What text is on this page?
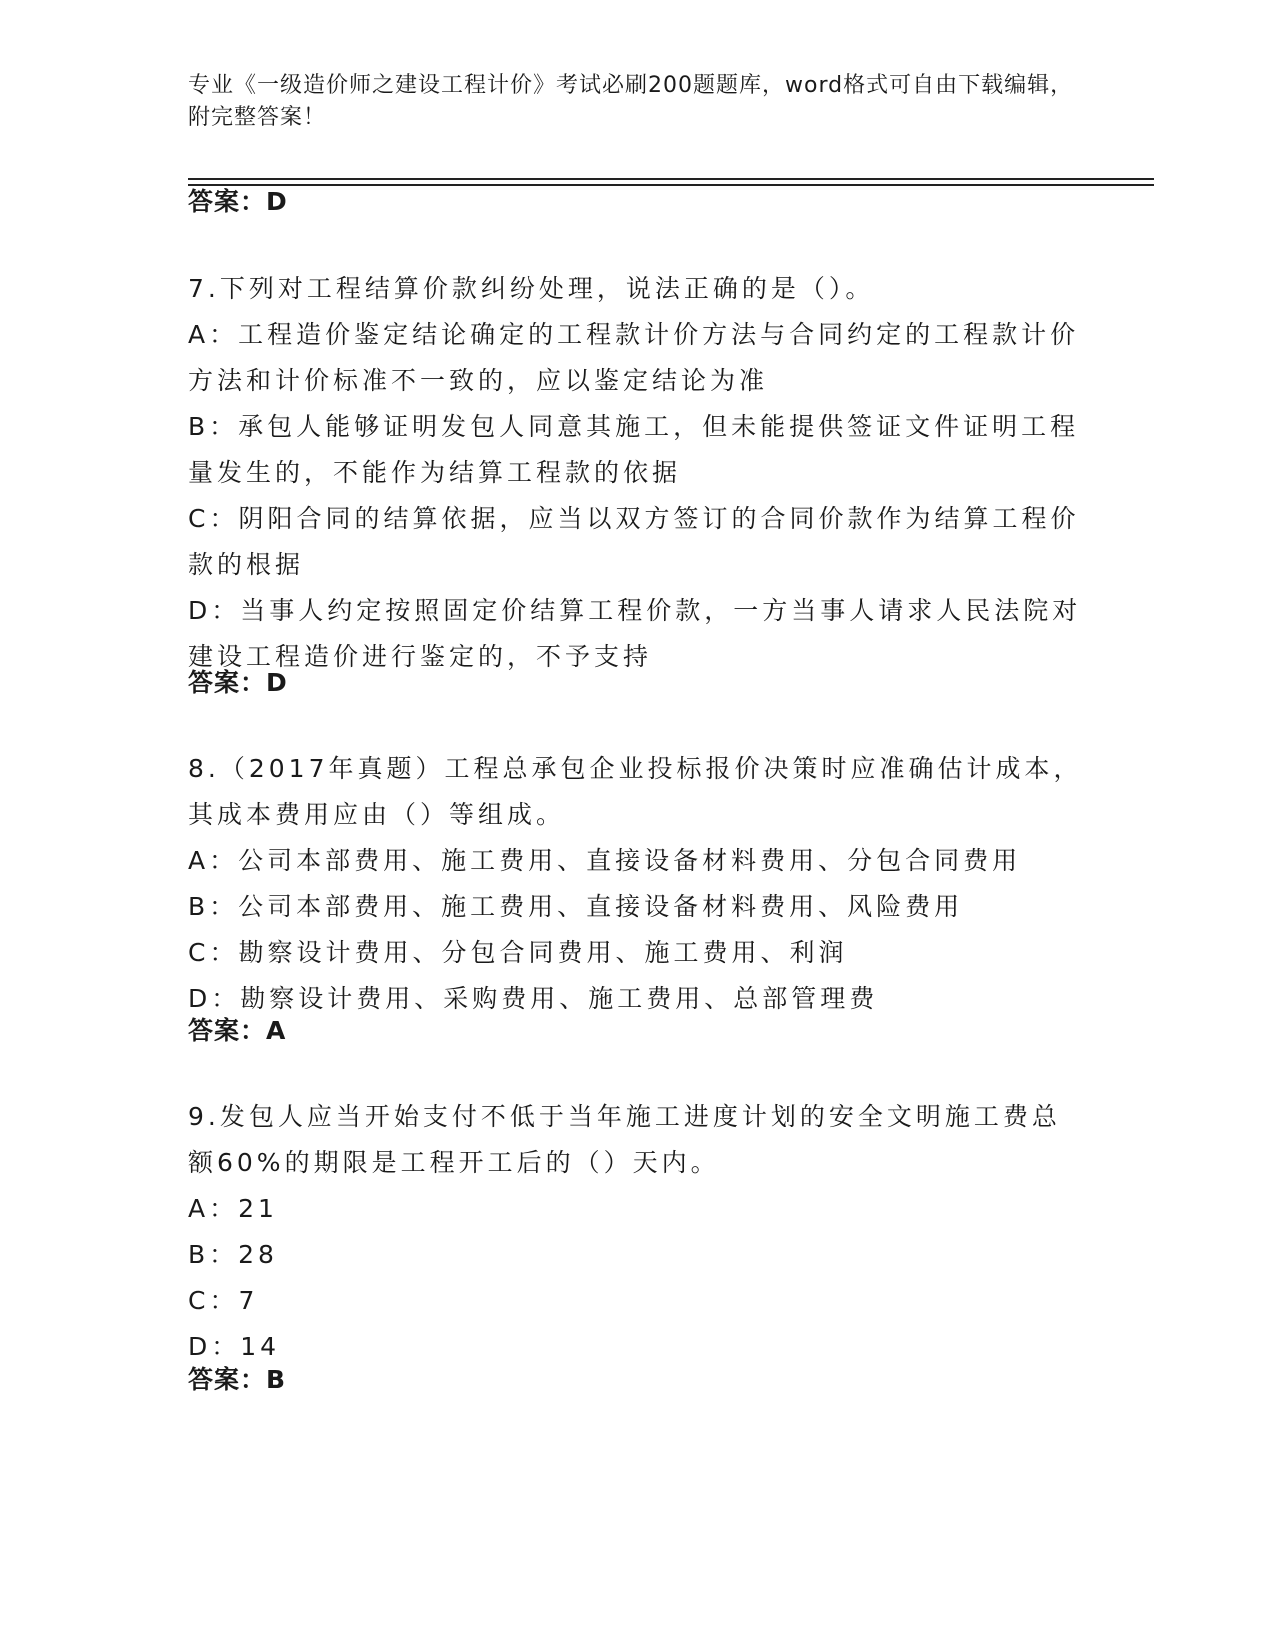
专业《一级造价师之建设工程计价》考试必刷200题题库，word格式可自由下载编辑，附完整答案！
答案：D
7.下列对工程结算价款纠纷处理，说法正确的是（）。
A：工程造价鉴定结论确定的工程款计价方法与合同约定的工程款计价方法和计价标准不一致的，应以鉴定结论为准
B：承包人能够证明发包人同意其施工，但未能提供签证文件证明工程量发生的，不能作为结算工程款的依据
C：阴阳合同的结算依据，应当以双方签订的合同价款作为结算工程价款的根据
D：当事人约定按照固定价结算工程价款，一方当事人请求人民法院对建设工程造价进行鉴定的，不予支持
答案：D
8.（2017年真题）工程总承包企业投标报价决策时应准确估计成本，其成本费用应由（）等组成。
A：公司本部费用、施工费用、直接设备材料费用、分包合同费用
B：公司本部费用、施工费用、直接设备材料费用、风险费用
C：勘察设计费用、分包合同费用、施工费用、利润
D：勘察设计费用、采购费用、施工费用、总部管理费
答案：A
9.发包人应当开始支付不低于当年施工进度计划的安全文明施工费总额60%的期限是工程开工后的（）天内。
A：21
B：28
C：7
D：14
答案：B
